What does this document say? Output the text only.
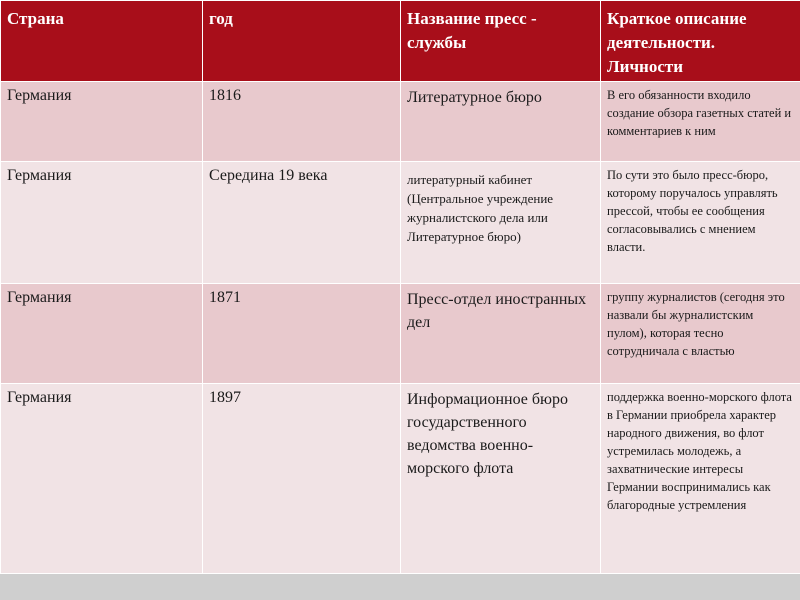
Страна	год	Название пресс - службы	Краткое описание деятельности. Личности
Германия	1816	Литературное бюро	В его обязанности входило создание обзора газетных статей и комментариев к ним
Германия	Середина 19 века	литературный кабинет (Центральное учреждение журналистского дела или Литературное бюро)	По сути это было пресс-бюро, которому поручалось управлять прессой, чтобы ее сообщения согласовывались с мнением власти.
Германия	1871	Пресс-отдел иностранных дел	группу журналистов (сегодня это назвали бы журналистским пулом), которая тесно сотрудничала с властью
Германия	1897	Информационное бюро государственного ведомства военно-морского флота	поддержка военно-морского флота в Германии приобрела характер народного движения, во флот устремилась молодежь, а захватнические интересы Германии воспринимались как благородные устремления
